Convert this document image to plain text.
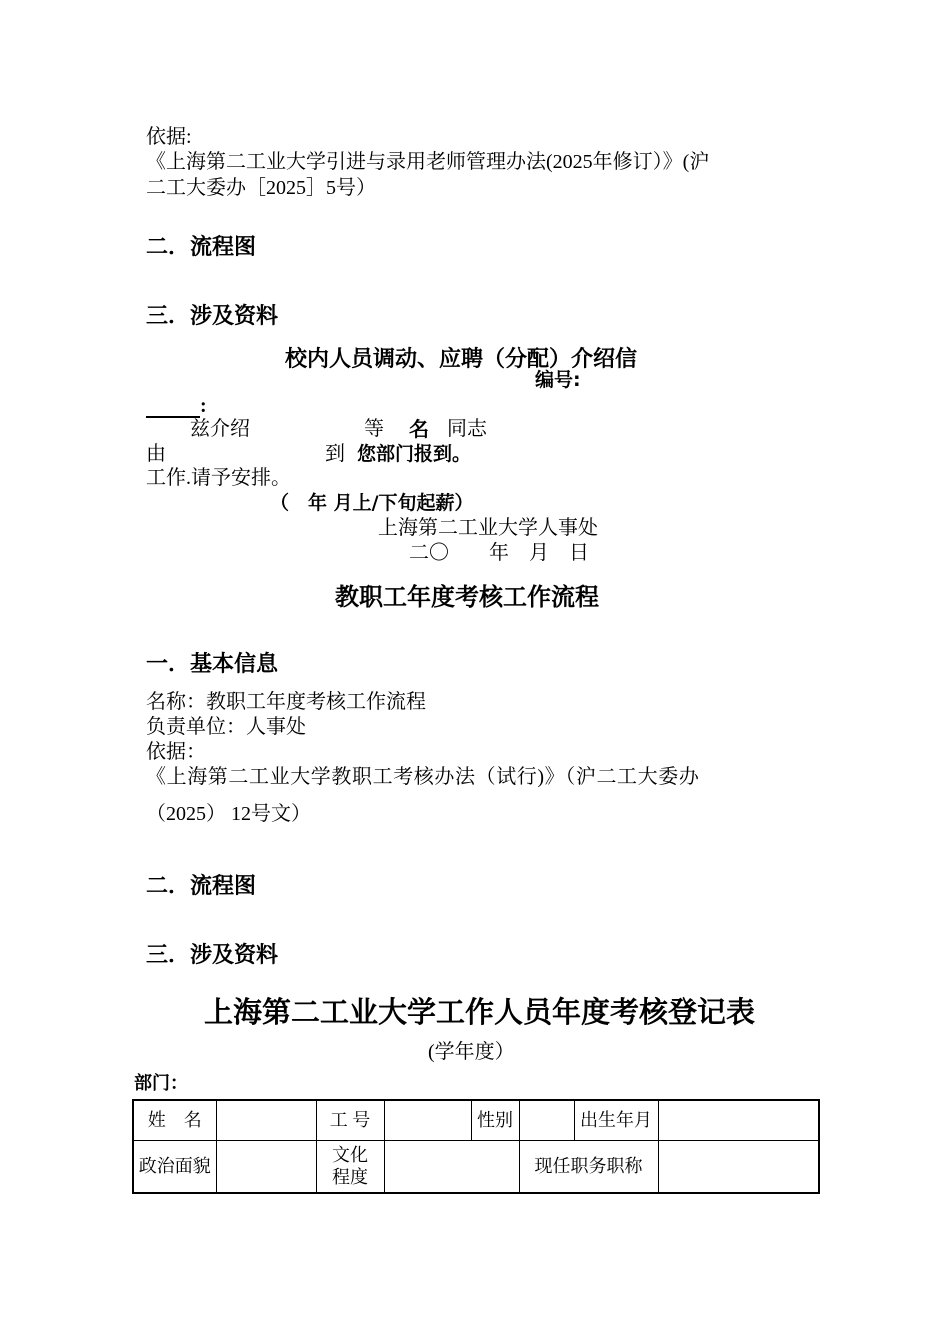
依据:
《上海第二工业大学引进与录用老师管理办法(2025年修订）》(沪
二工大委办［2025］5号）
二．流程图
三．涉及资料
校内人员调动、应聘（分配）介绍信
编号:
:
兹介绍	等 名 同志
由	到 您部门报到。
工作.请予安排。
（　年 月上/下旬起薪）
上海第二工业大学人事处
二〇　　年　月　日
教职工年度考核工作流程
一．基本信息
名称：教职工年度考核工作流程
负责单位：人事处
依据：
《上海第二工业大学教职工考核办法（试行)》（沪二工大委办
（2025） 12号文）
二．流程图
三．涉及资料
上海第二工业大学工作人员年度考核登记表
(学年度）
部门：
姓　名		工 号		性别		出生年月	
政治面貌		文化
程度			现任职务职称		
